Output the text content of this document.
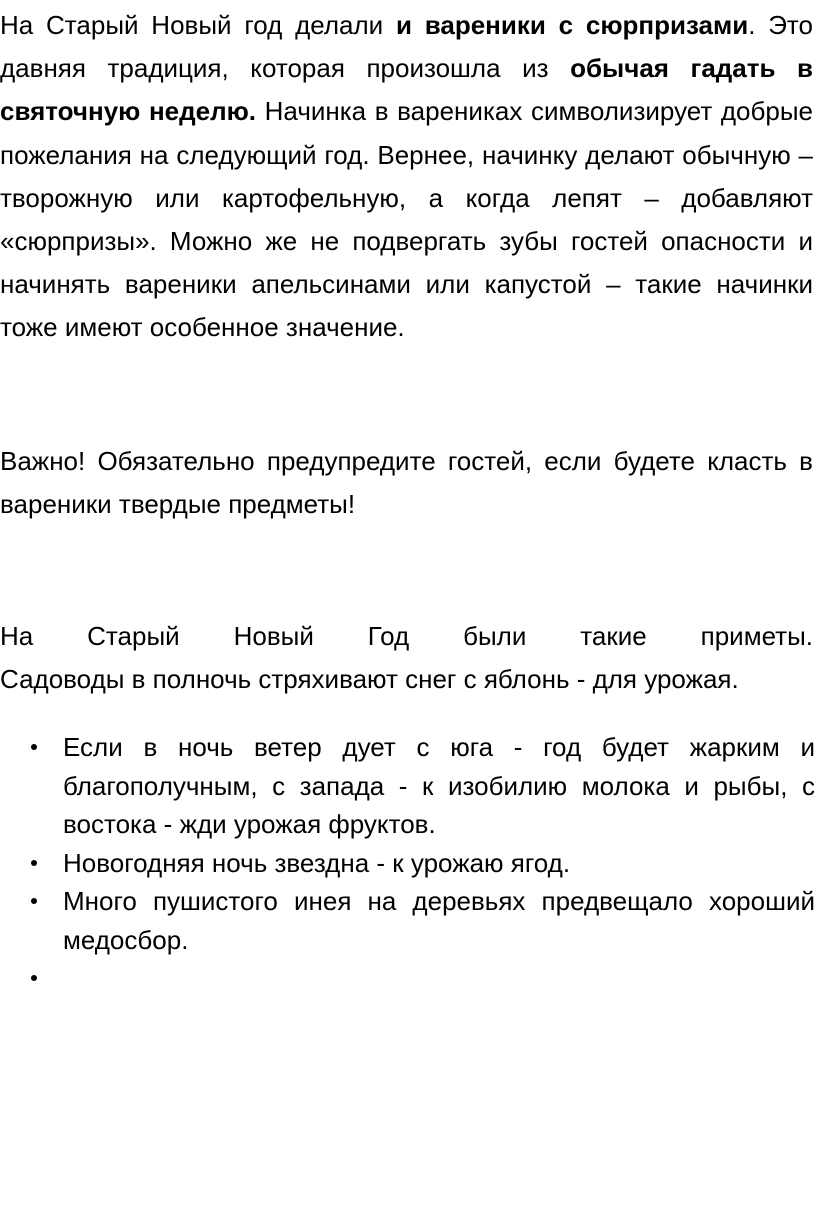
На Старый Новый год делали и вареники с сюрпризами. Это давняя традиция, которая произошла из обычая гадать в святочную неделю. Начинка в варениках символизирует добрые пожелания на следующий год. Вернее, начинку делают обычную – творожную или картофельную, а когда лепят – добавляют «сюрпризы». Можно же не подвергать зубы гостей опасности и начинять вареники апельсинами или капустой – такие начинки тоже имеют особенное значение.

Важно! Обязательно предупредите гостей, если будете класть в вареники твердые предметы!

На Старый Новый Год были такие приметы.
Садоводы в полночь стряхивают снег с яблонь - для урожая.
Если в ночь ветер дует с юга - год будет жарким и благополучным, с запада - к изобилию молока и рыбы, с востока - жди урожая фруктов.
Новогодняя ночь звездна - к урожаю ягод.
Много пушистого инея на деревьях предвещало хороший медосбор.
